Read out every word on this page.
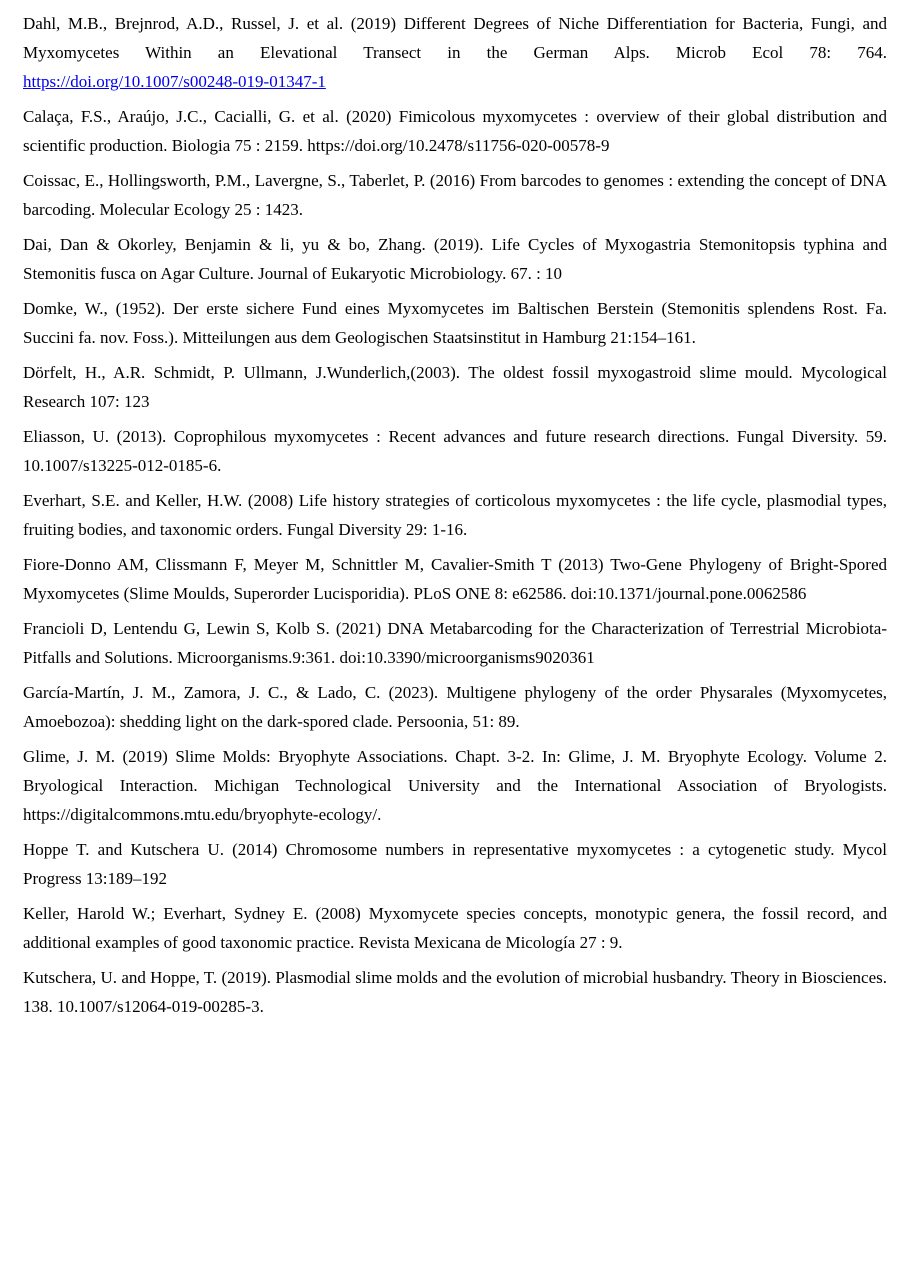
Dahl, M.B., Brejnrod, A.D., Russel, J. et al. (2019) Different Degrees of Niche Differentiation for Bacteria, Fungi, and Myxomycetes Within an Elevational Transect in the German Alps. Microb Ecol 78: 764. https://doi.org/10.1007/s00248-019-01347-1

Calaça, F.S., Araújo, J.C., Cacialli, G. et al. (2020) Fimicolous myxomycetes : overview of their global distribution and scientific production. Biologia 75 : 2159. https://doi.org/10.2478/s11756-020-00578-9

Coissac, E., Hollingsworth, P.M., Lavergne, S., Taberlet, P. (2016) From barcodes to genomes : extending the concept of DNA barcoding. Molecular Ecology 25 : 1423.

Dai, Dan & Okorley, Benjamin & li, yu & bo, Zhang. (2019). Life Cycles of Myxogastria Stemonitopsis typhina and Stemonitis fusca on Agar Culture. Journal of Eukaryotic Microbiology. 67. : 10

Domke, W., (1952). Der erste sichere Fund eines Myxomycetes im Baltischen Berstein (Stemonitis splendens Rost. Fa. Succini fa. nov. Foss.). Mitteilungen aus dem Geologischen Staatsinstitut in Hamburg 21:154–161.

Dörfelt, H., A.R. Schmidt, P. Ullmann, J.Wunderlich,(2003). The oldest fossil myxogastroid slime mould. Mycological Research 107: 123

Eliasson, U. (2013). Coprophilous myxomycetes : Recent advances and future research directions. Fungal Diversity. 59. 10.1007/s13225-012-0185-6.

Everhart, S.E. and Keller, H.W. (2008) Life history strategies of corticolous myxomycetes : the life cycle, plasmodial types, fruiting bodies, and taxonomic orders. Fungal Diversity 29: 1-16.

Fiore-Donno AM, Clissmann F, Meyer M, Schnittler M, Cavalier-Smith T (2013) Two-Gene Phylogeny of Bright-Spored Myxomycetes (Slime Moulds, Superorder Lucisporidia). PLoS ONE 8: e62586. doi:10.1371/journal.pone.0062586

Francioli D, Lentendu G, Lewin S, Kolb S. (2021) DNA Metabarcoding for the Characterization of Terrestrial Microbiota-Pitfalls and Solutions. Microorganisms.9:361. doi:10.3390/microorganisms9020361

García-Martín, J. M., Zamora, J. C., & Lado, C. (2023). Multigene phylogeny of the order Physarales (Myxomycetes, Amoebozoa): shedding light on the dark-spored clade. Persoonia, 51: 89.

Glime, J. M. (2019) Slime Molds: Bryophyte Associations. Chapt. 3-2. In: Glime, J. M. Bryophyte Ecology. Volume 2. Bryological Interaction. Michigan Technological University and the International Association of Bryologists. https://digitalcommons.mtu.edu/bryophyte-ecology/.

Hoppe T. and Kutschera U. (2014) Chromosome numbers in representative myxomycetes : a cytogenetic study. Mycol Progress 13:189–192

Keller, Harold W.; Everhart, Sydney E. (2008) Myxomycete species concepts, monotypic genera, the fossil record, and additional examples of good taxonomic practice. Revista Mexicana de Micología 27 : 9.

Kutschera, U. and Hoppe, T. (2019). Plasmodial slime molds and the evolution of microbial husbandry. Theory in Biosciences. 138. 10.1007/s12064-019-00285-3.
